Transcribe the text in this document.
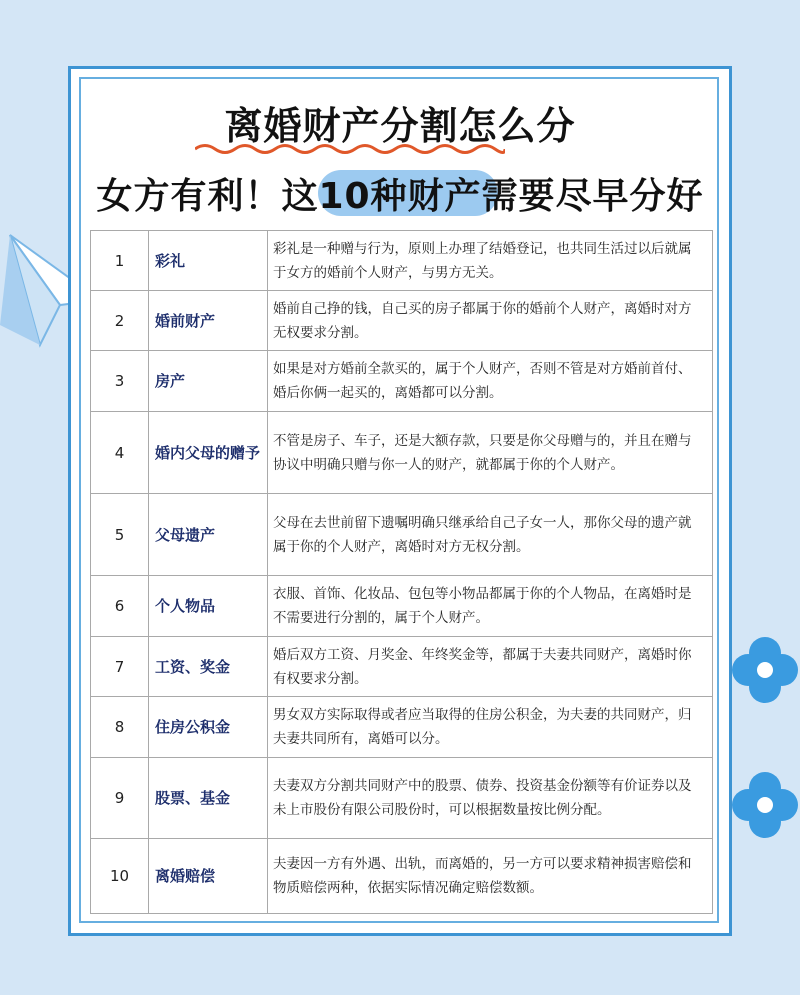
离婚财产分割怎么分
女方有利！这10种财产需要尽早分好
1	彩礼	彩礼是一种赠与行为，原则上办理了结婚登记，也共同生活过以后就属于女方的婚前个人财产，与男方无关。
2	婚前财产	婚前自己挣的钱，自己买的房子都属于你的婚前个人财产，离婚时对方无权要求分割。
3	房产	如果是对方婚前全款买的，属于个人财产，否则不管是对方婚前首付、婚后你俩一起买的，离婚都可以分割。
4	婚内父母的赠予	不管是房子、车子，还是大额存款，只要是你父母赠与的，并且在赠与协议中明确只赠与你一人的财产，就都属于你的个人财产。
5	父母遗产	父母在去世前留下遗嘱明确只继承给自己子女一人，那你父母的遗产就属于你的个人财产，离婚时对方无权分割。
6	个人物品	衣服、首饰、化妆品、包包等小物品都属于你的个人物品，在离婚时是不需要进行分割的，属于个人财产。
7	工资、奖金	婚后双方工资、月奖金、年终奖金等，都属于夫妻共同财产，离婚时你有权要求分割。
8	住房公积金	男女双方实际取得或者应当取得的住房公积金，为夫妻的共同财产，归夫妻共同所有，离婚可以分。
9	股票、基金	夫妻双方分割共同财产中的股票、债券、投资基金份额等有价证券以及未上市股份有限公司股份时，可以根据数量按比例分配。
10	离婚赔偿	夫妻因一方有外遇、出轨，而离婚的，另一方可以要求精神损害赔偿和物质赔偿两种，依据实际情况确定赔偿数额。
